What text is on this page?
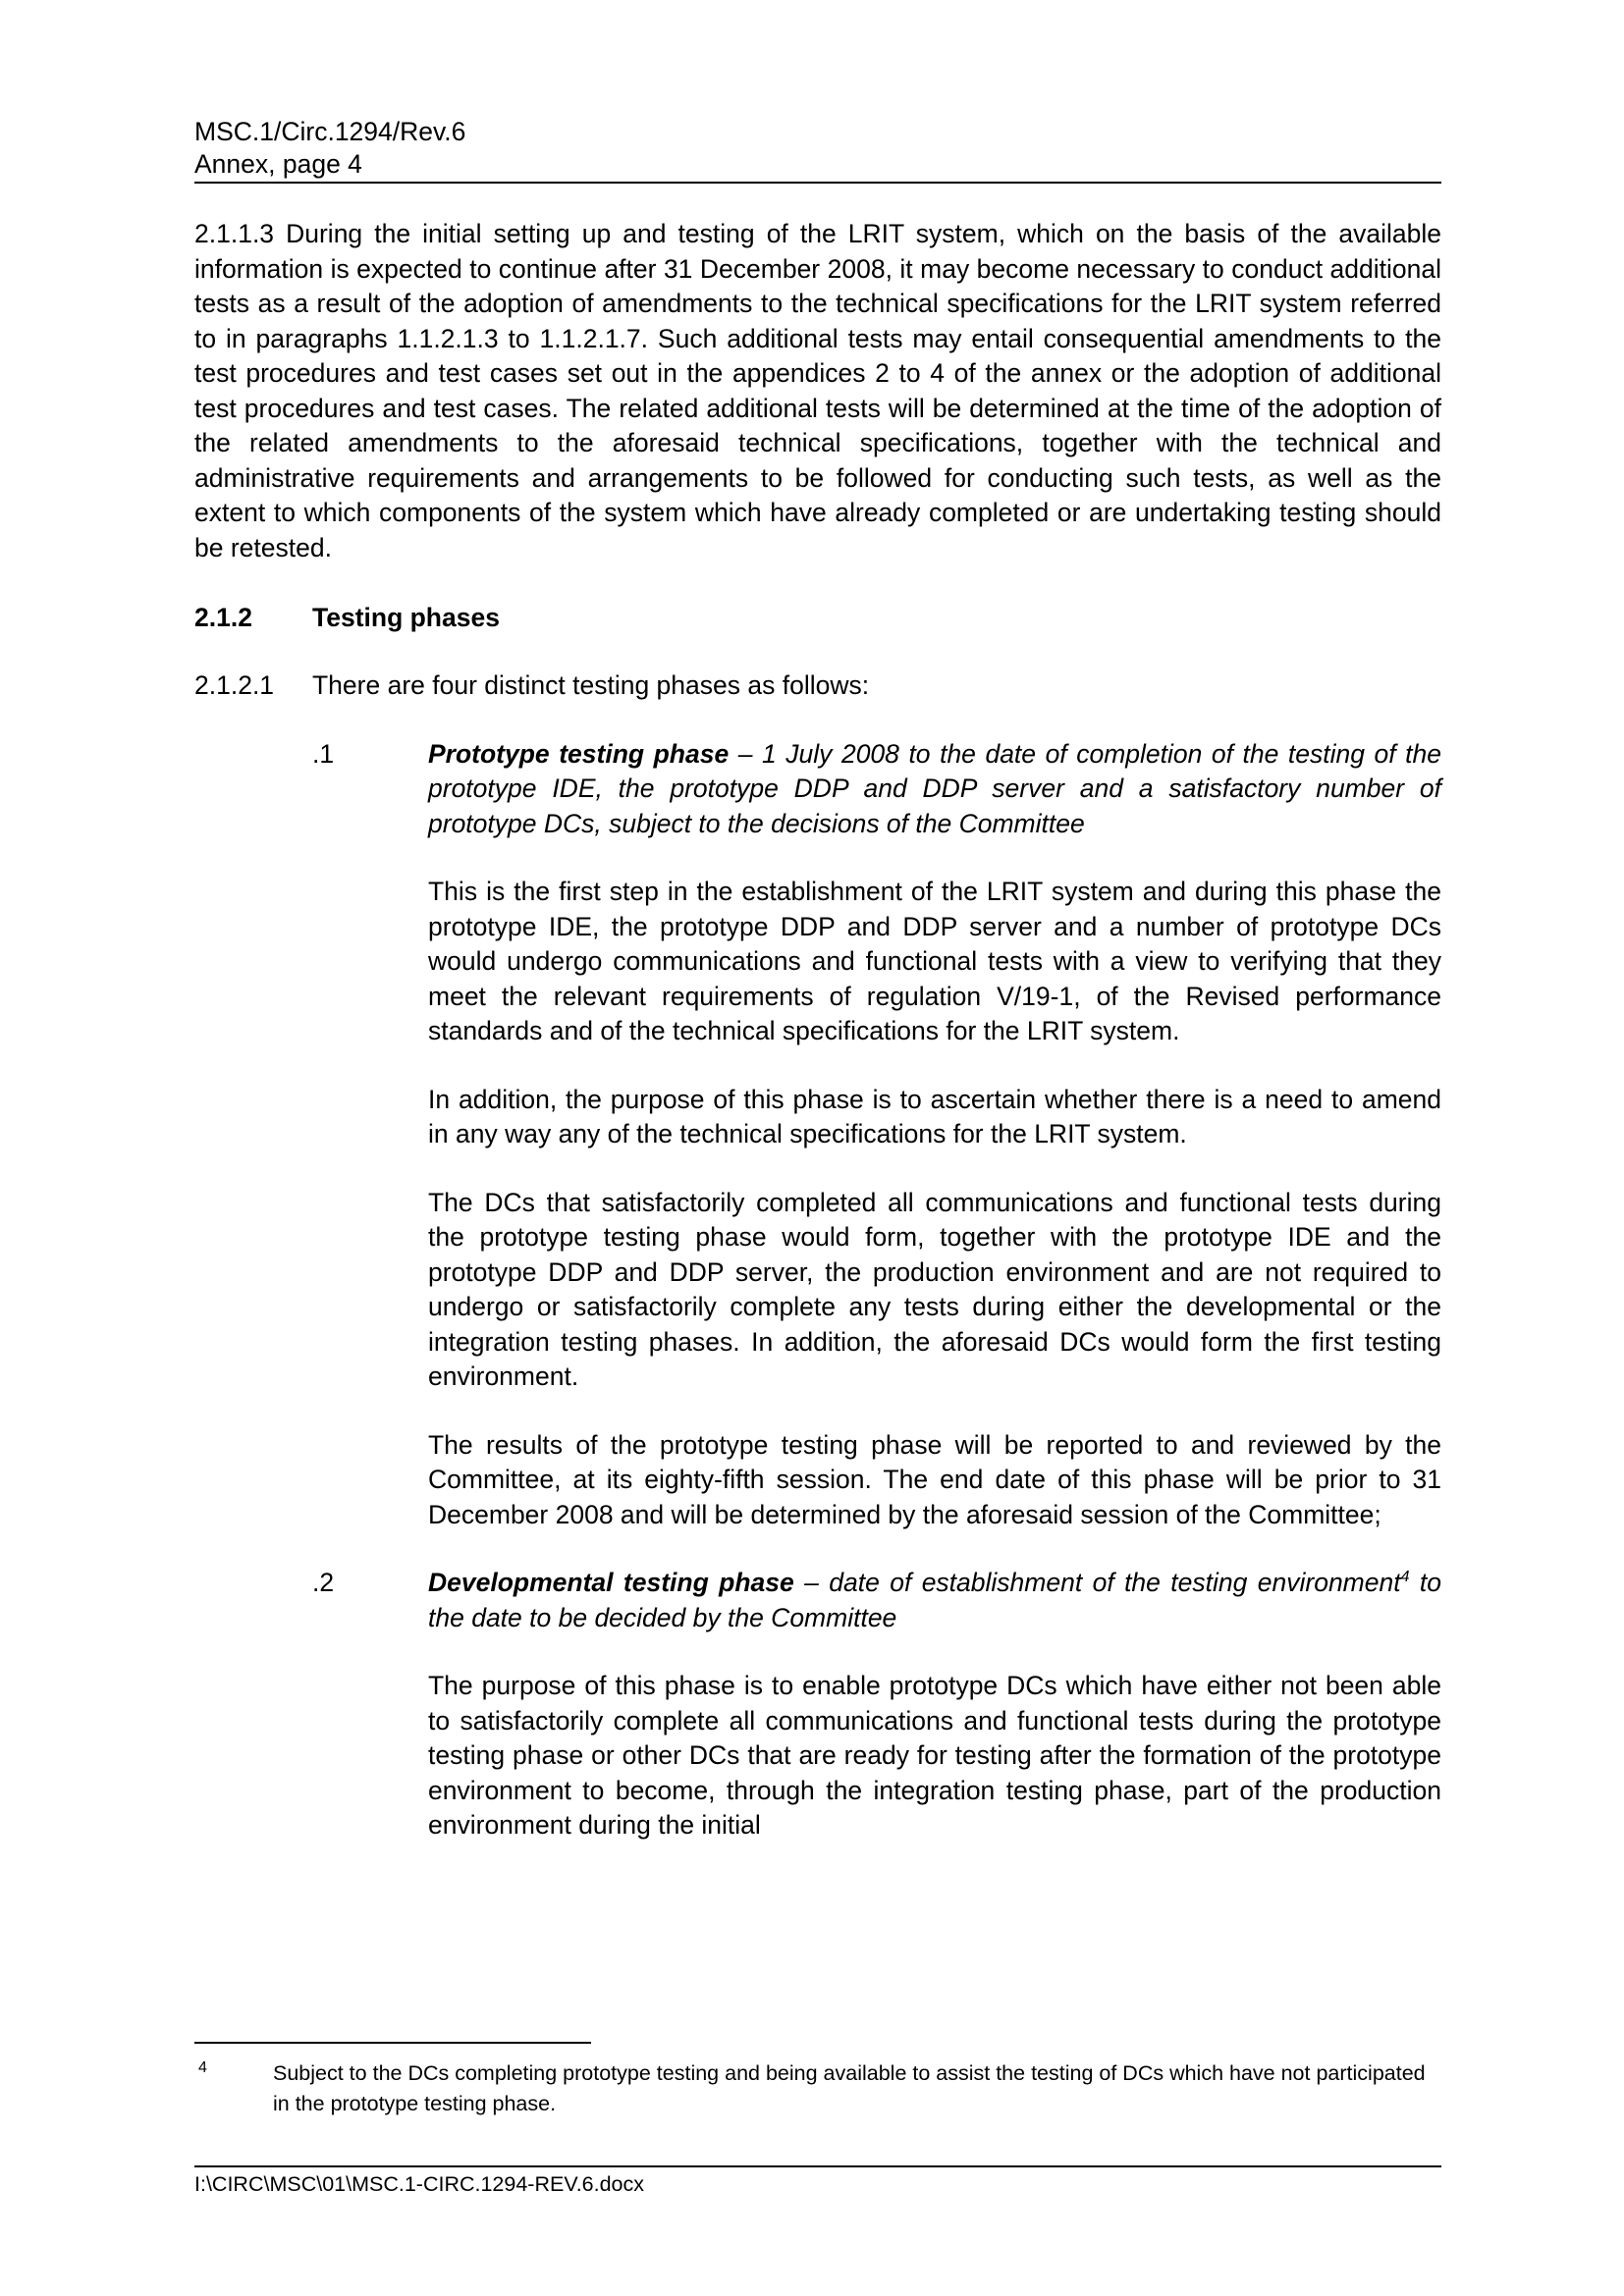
MSC.1/Circ.1294/Rev.6
Annex, page 4

2.1.1.3 During the initial setting up and testing of the LRIT system, which on the basis of the available information is expected to continue after 31 December 2008, it may become necessary to conduct additional tests as a result of the adoption of amendments to the technical specifications for the LRIT system referred to in paragraphs 1.1.2.1.3 to 1.1.2.1.7. Such additional tests may entail consequential amendments to the test procedures and test cases set out in the appendices 2 to 4 of the annex or the adoption of additional test procedures and test cases. The related additional tests will be determined at the time of the adoption of the related amendments to the aforesaid technical specifications, together with the technical and administrative requirements and arrangements to be followed for conducting such tests, as well as the extent to which components of the system which have already completed or are undertaking testing should be retested.

2.1.2 Testing phases

2.1.2.1 There are four distinct testing phases as follows:

.1	Prototype testing phase – 1 July 2008 to the date of completion of the testing of the prototype IDE, the prototype DDP and DDP server and a satisfactory number of prototype DCs, subject to the decisions of the Committee

This is the first step in the establishment of the LRIT system and during this phase the prototype IDE, the prototype DDP and DDP server and a number of prototype DCs would undergo communications and functional tests with a view to verifying that they meet the relevant requirements of regulation V/19-1, of the Revised performance standards and of the technical specifications for the LRIT system.

In addition, the purpose of this phase is to ascertain whether there is a need to amend in any way any of the technical specifications for the LRIT system.

The DCs that satisfactorily completed all communications and functional tests during the prototype testing phase would form, together with the prototype IDE and the prototype DDP and DDP server, the production environment and are not required to undergo or satisfactorily complete any tests during either the developmental or the integration testing phases. In addition, the aforesaid DCs would form the first testing environment.

The results of the prototype testing phase will be reported to and reviewed by the Committee, at its eighty-fifth session. The end date of this phase will be prior to 31 December 2008 and will be determined by the aforesaid session of the Committee;

.2	Developmental testing phase – date of establishment of the testing environment$^4$ to the date to be decided by the Committee

The purpose of this phase is to enable prototype DCs which have either not been able to satisfactorily complete all communications and functional tests during the prototype testing phase or other DCs that are ready for testing after the formation of the prototype environment to become, through the integration testing phase, part of the production environment during the initial

4	Subject to the DCs completing prototype testing and being available to assist the testing of DCs which have not participated in the prototype testing phase.
I:\CIRC\MSC\01\MSC.1-CIRC.1294-REV.6.docx
